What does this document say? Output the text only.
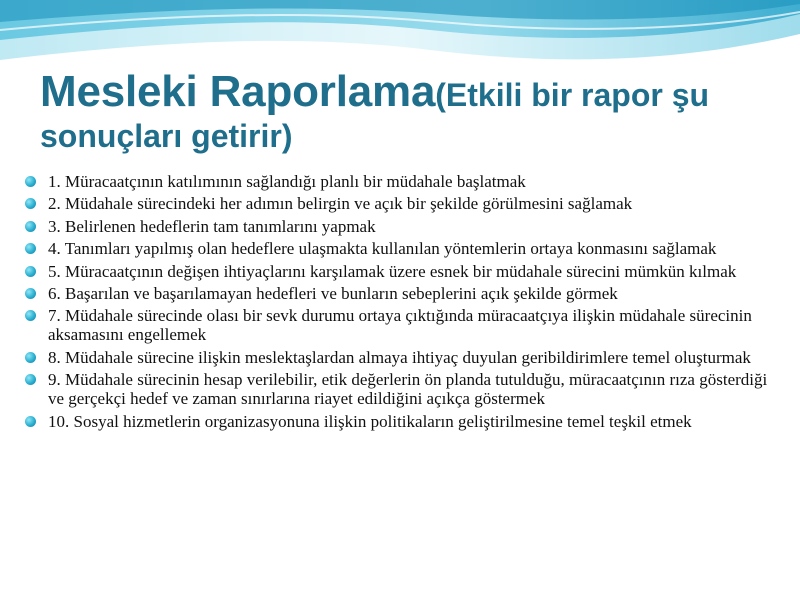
Mesleki Raporlama(Etkili bir rapor şu sonuçları getirir)
1. Müracaatçının katılımının sağlandığı planlı bir müdahale başlatmak
2. Müdahale sürecindeki her adımın belirgin ve açık bir şekilde görülmesini sağlamak
3. Belirlenen hedeflerin tam tanımlarını yapmak
4. Tanımları yapılmış olan hedeflere ulaşmakta kullanılan yöntemlerin ortaya konmasını sağlamak
5. Müracaatçının değişen ihtiyaçlarını karşılamak üzere esnek bir müdahale sürecini mümkün kılmak
6. Başarılan ve başarılamayan hedefleri ve bunların sebeplerini açık şekilde görmek
7. Müdahale sürecinde olası bir sevk durumu ortaya çıktığında müracaatçıya ilişkin müdahale sürecinin aksamasını engellemek
8. Müdahale sürecine ilişkin meslektaşlardan almaya ihtiyaç duyulan geribildirimlere temel oluşturmak
9. Müdahale sürecinin hesap verilebilir, etik değerlerin ön planda tutulduğu, müracaatçının rıza gösterdiği ve gerçekçi hedef ve zaman sınırlarına riayet edildiğini açıkça göstermek
10. Sosyal hizmetlerin organizasyonuna ilişkin politikaların geliştirilmesine temel teşkil etmek
